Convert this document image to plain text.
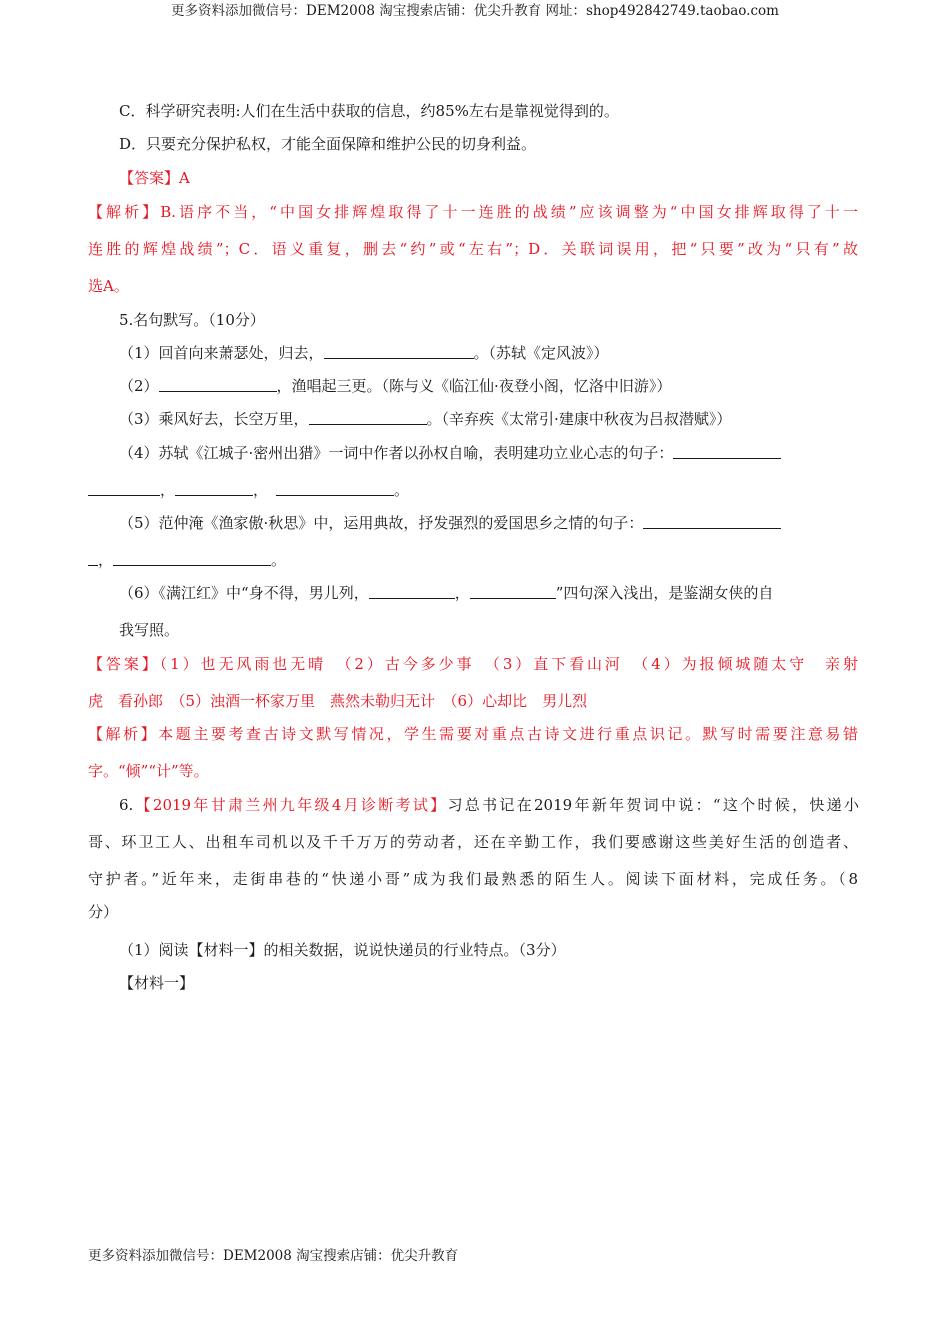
更多资料添加微信号：DEM2008 淘宝搜索店铺：优尖升教育 网址：shop492842749.taobao.com
C．科学研究表明:人们在生活中获取的信息，约85%左右是靠视觉得到的。
D．只要充分保护私权，才能全面保障和维护公民的切身利益。
【答案】A
【解析】B.语序不当，“中国女排辉煌取得了十一连胜的战绩”应该调整为“中国女排辉取得了十一
连胜的辉煌战绩”；C．语义重复，删去“约”或“左右”；D．关联词误用，把“只要”改为“只有”故
选A。
5.名句默写。（10分）
（1）回首向来萧瑟处，归去，	。（苏轼《定风波》）
（2）	，渔唱起三更。（陈与义《临江仙·夜登小阁，忆洛中旧游》）
（3）乘风好去，长空万里，	。（辛弃疾《太常引·建康中秋夜为吕叔潜赋》）
（4）苏轼《江城子·密州出猎》一词中作者以孙权自喻，表明建功立业心志的句子：
，	，	。
（5）范仲淹《渔家傲·秋思》中，运用典故，抒发强烈的爱国思乡之情的句子：
，	。
（6）《满江红》中“身不得，男儿列，	，	”四句深入浅出，是鉴湖女侠的自
我写照。
【答案】（1）也无风雨也无晴　（2）古今多少事　（3）直下看山河　（4）为报倾城随太守　亲射
虎　看孙郎　（5）浊酒一杯家万里　燕然未勒归无计　（6）心却比　男儿烈
【解析】本题主要考查古诗文默写情况，学生需要对重点古诗文进行重点识记。默写时需要注意易错
字。“倾”“计”等。
6.【2019年甘肃兰州九年级4月诊断考试】习总书记在2019年新年贺词中说：“这个时候，快递小
哥、环卫工人、出租车司机以及千千万万的劳动者，还在辛勤工作，我们要感谢这些美好生活的创造者、
守护者。”近年来，走街串巷的“快递小哥”成为我们最熟悉的陌生人。阅读下面材料，完成任务。（8
分）
（1）阅读【材料一】的相关数据，说说快递员的行业特点。（3分）
【材料一】
更多资料添加微信号：DEM2008 淘宝搜索店铺：优尖升教育
